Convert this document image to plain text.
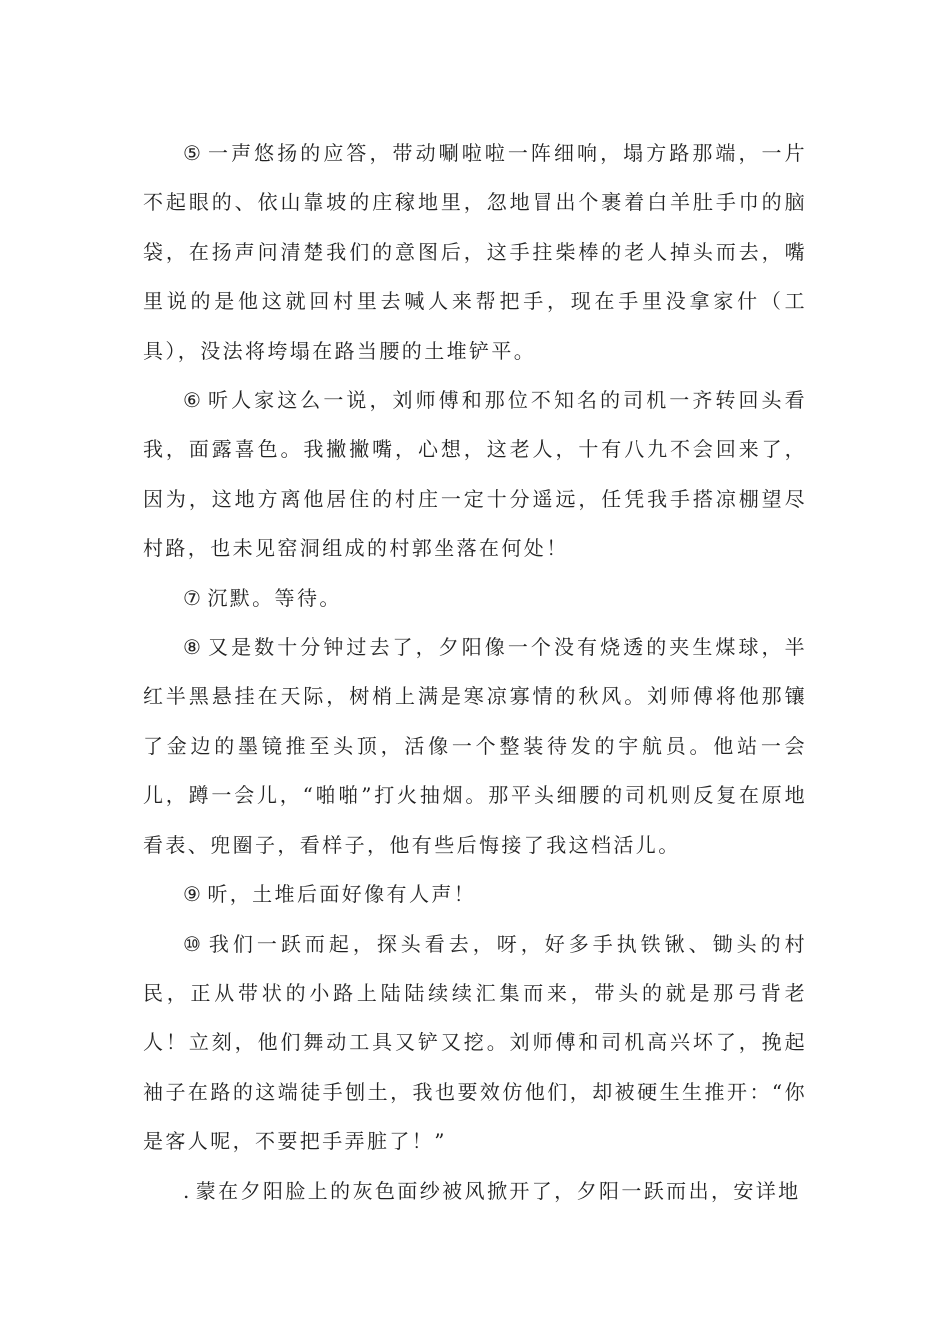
⑤ 一声悠扬的应答，带动唰啦啦一阵细响，塌方路那端，一片不起眼的、依山靠坡的庄稼地里，忽地冒出个裹着白羊肚手巾的脑袋，在扬声问清楚我们的意图后，这手拄柴棒的老人掉头而去，嘴里说的是他这就回村里去喊人来帮把手，现在手里没拿家什（工具），没法将垮塌在路当腰的土堆铲平。

⑥ 听人家这么一说，刘师傅和那位不知名的司机一齐转回头看我，面露喜色。我撇撇嘴，心想，这老人，十有八九不会回来了，因为，这地方离他居住的村庄一定十分遥远，任凭我手搭凉棚望尽村路，也未见窑洞组成的村郭坐落在何处！

⑦ 沉默。等待。

⑧ 又是数十分钟过去了，夕阳像一个没有烧透的夹生煤球，半红半黑悬挂在天际，树梢上满是寒凉寡情的秋风。刘师傅将他那镶了金边的墨镜推至头顶，活像一个整装待发的宇航员。他站一会儿，蹲一会儿，“啪啪”打火抽烟。那平头细腰的司机则反复在原地看表、兜圈子，看样子，他有些后悔接了我这档活儿。

⑨ 听，土堆后面好像有人声！

⑩ 我们一跃而起，探头看去，呀，好多手执铁锹、锄头的村民，正从带状的小路上陆陆续续汇集而来，带头的就是那弓背老人！立刻，他们舞动工具又铲又挖。刘师傅和司机高兴坏了，挽起袖子在路的这端徒手刨土，我也要效仿他们，却被硬生生推开：“你是客人呢，不要把手弄脏了！”

. 蒙在夕阳脸上的灰色面纱被风掀开了，夕阳一跃而出，安详地
